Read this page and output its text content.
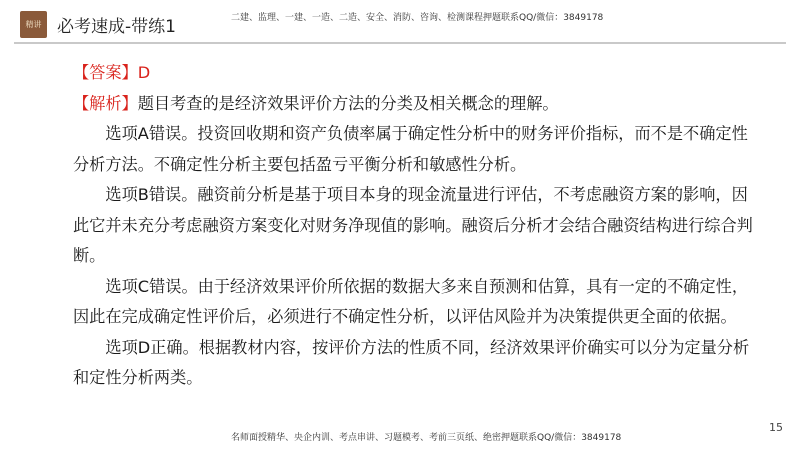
精讲 必考速成-带练1	二建、监理、一建、一造、二造、安全、消防、咨询、检测课程押题联系QQ/微信：3849178

【答案】D

【解析】题目考查的是经济效果评价方法的分类及相关概念的理解。

选项A错误。投资回收期和资产负债率属于确定性分析中的财务评价指标，而不是不确定性分析方法。不确定性分析主要包括盈亏平衡分析和敏感性分析。

选项B错误。融资前分析是基于项目本身的现金流量进行评估，不考虑融资方案的影响，因此它并未充分考虑融资方案变化对财务净现值的影响。融资后分析才会结合融资结构进行综合判断。

选项C错误。由于经济效果评价所依据的数据大多来自预测和估算，具有一定的不确定性，因此在完成确定性评价后，必须进行不确定性分析，以评估风险并为决策提供更全面的依据。

选项D正确。根据教材内容，按评价方法的性质不同，经济效果评价确实可以分为定量分析和定性分析两类。

15
名师面授精华、央企内训、考点串讲、习题模考、考前三页纸、绝密押题联系QQ/微信：3849178
